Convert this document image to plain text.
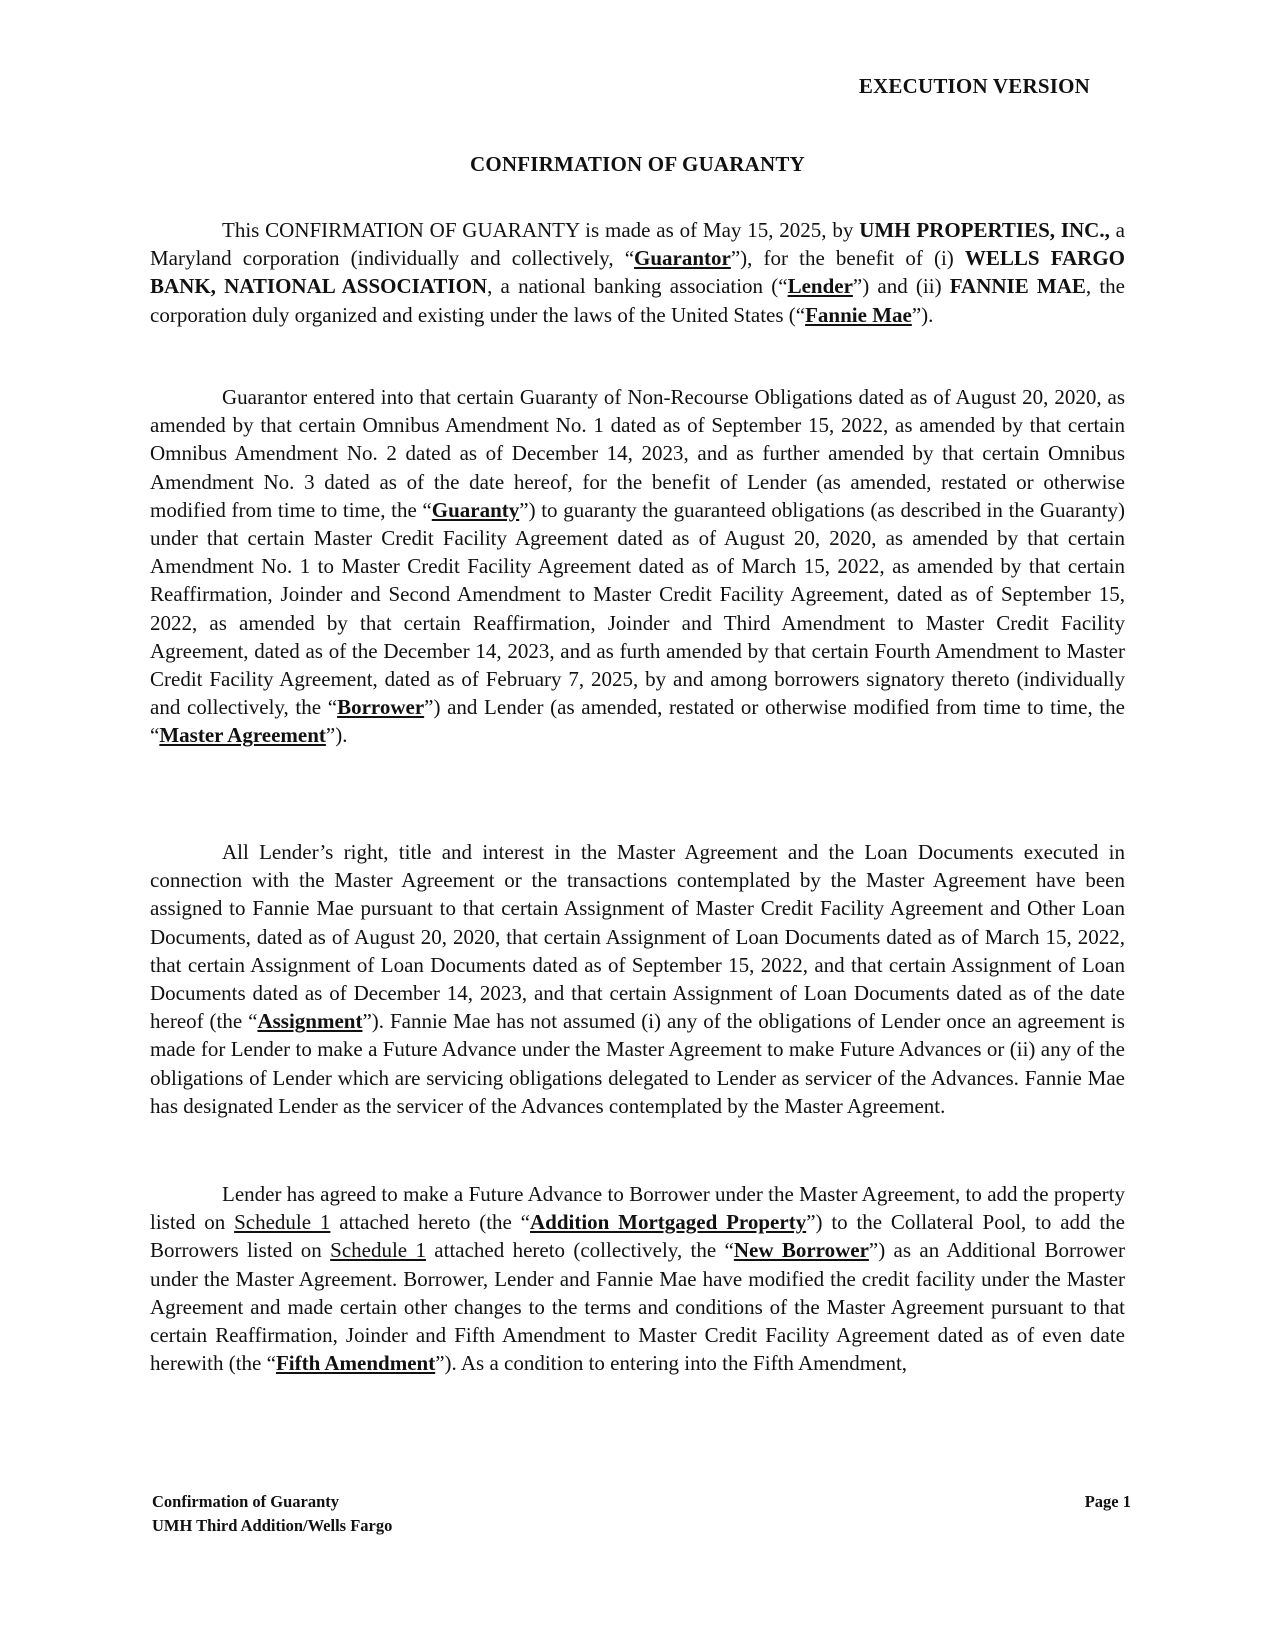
EXECUTION VERSION
CONFIRMATION OF GUARANTY

This CONFIRMATION OF GUARANTY is made as of May 15, 2025, by UMH PROPERTIES, INC., a Maryland corporation (individually and collectively, “Guarantor”), for the benefit of (i) WELLS FARGO BANK, NATIONAL ASSOCIATION, a national banking association (“Lender”) and (ii) FANNIE MAE, the corporation duly organized and existing under the laws of the United States (“Fannie Mae”).

Guarantor entered into that certain Guaranty of Non-Recourse Obligations dated as of August 20, 2020, as amended by that certain Omnibus Amendment No. 1 dated as of September 15, 2022, as amended by that certain Omnibus Amendment No. 2 dated as of December 14, 2023, and as further amended by that certain Omnibus Amendment No. 3 dated as of the date hereof, for the benefit of Lender (as amended, restated or otherwise modified from time to time, the “Guaranty”) to guaranty the guaranteed obligations (as described in the Guaranty) under that certain Master Credit Facility Agreement dated as of August 20, 2020, as amended by that certain Amendment No. 1 to Master Credit Facility Agreement dated as of March 15, 2022, as amended by that certain Reaffirmation, Joinder and Second Amendment to Master Credit Facility Agreement, dated as of September 15, 2022, as amended by that certain Reaffirmation, Joinder and Third Amendment to Master Credit Facility Agreement, dated as of the December 14, 2023, and as furth amended by that certain Fourth Amendment to Master Credit Facility Agreement, dated as of February 7, 2025, by and among borrowers signatory thereto (individually and collectively, the “Borrower”) and Lender (as amended, restated or otherwise modified from time to time, the “Master Agreement”).

All Lender’s right, title and interest in the Master Agreement and the Loan Documents executed in connection with the Master Agreement or the transactions contemplated by the Master Agreement have been assigned to Fannie Mae pursuant to that certain Assignment of Master Credit Facility Agreement and Other Loan Documents, dated as of August 20, 2020, that certain Assignment of Loan Documents dated as of March 15, 2022, that certain Assignment of Loan Documents dated as of September 15, 2022, and that certain Assignment of Loan Documents dated as of December 14, 2023, and that certain Assignment of Loan Documents dated as of the date hereof (the “Assignment”). Fannie Mae has not assumed (i) any of the obligations of Lender once an agreement is made for Lender to make a Future Advance under the Master Agreement to make Future Advances or (ii) any of the obligations of Lender which are servicing obligations delegated to Lender as servicer of the Advances. Fannie Mae has designated Lender as the servicer of the Advances contemplated by the Master Agreement.

Lender has agreed to make a Future Advance to Borrower under the Master Agreement, to add the property listed on Schedule 1 attached hereto (the “Addition Mortgaged Property”) to the Collateral Pool, to add the Borrowers listed on Schedule 1 attached hereto (collectively, the “New Borrower”) as an Additional Borrower under the Master Agreement. Borrower, Lender and Fannie Mae have modified the credit facility under the Master Agreement and made certain other changes to the terms and conditions of the Master Agreement pursuant to that certain Reaffirmation, Joinder and Fifth Amendment to Master Credit Facility Agreement dated as of even date herewith (the “Fifth Amendment”). As a condition to entering into the Fifth Amendment,

Confirmation of Guaranty
UMH Third Addition/Wells Fargo
Page 1
